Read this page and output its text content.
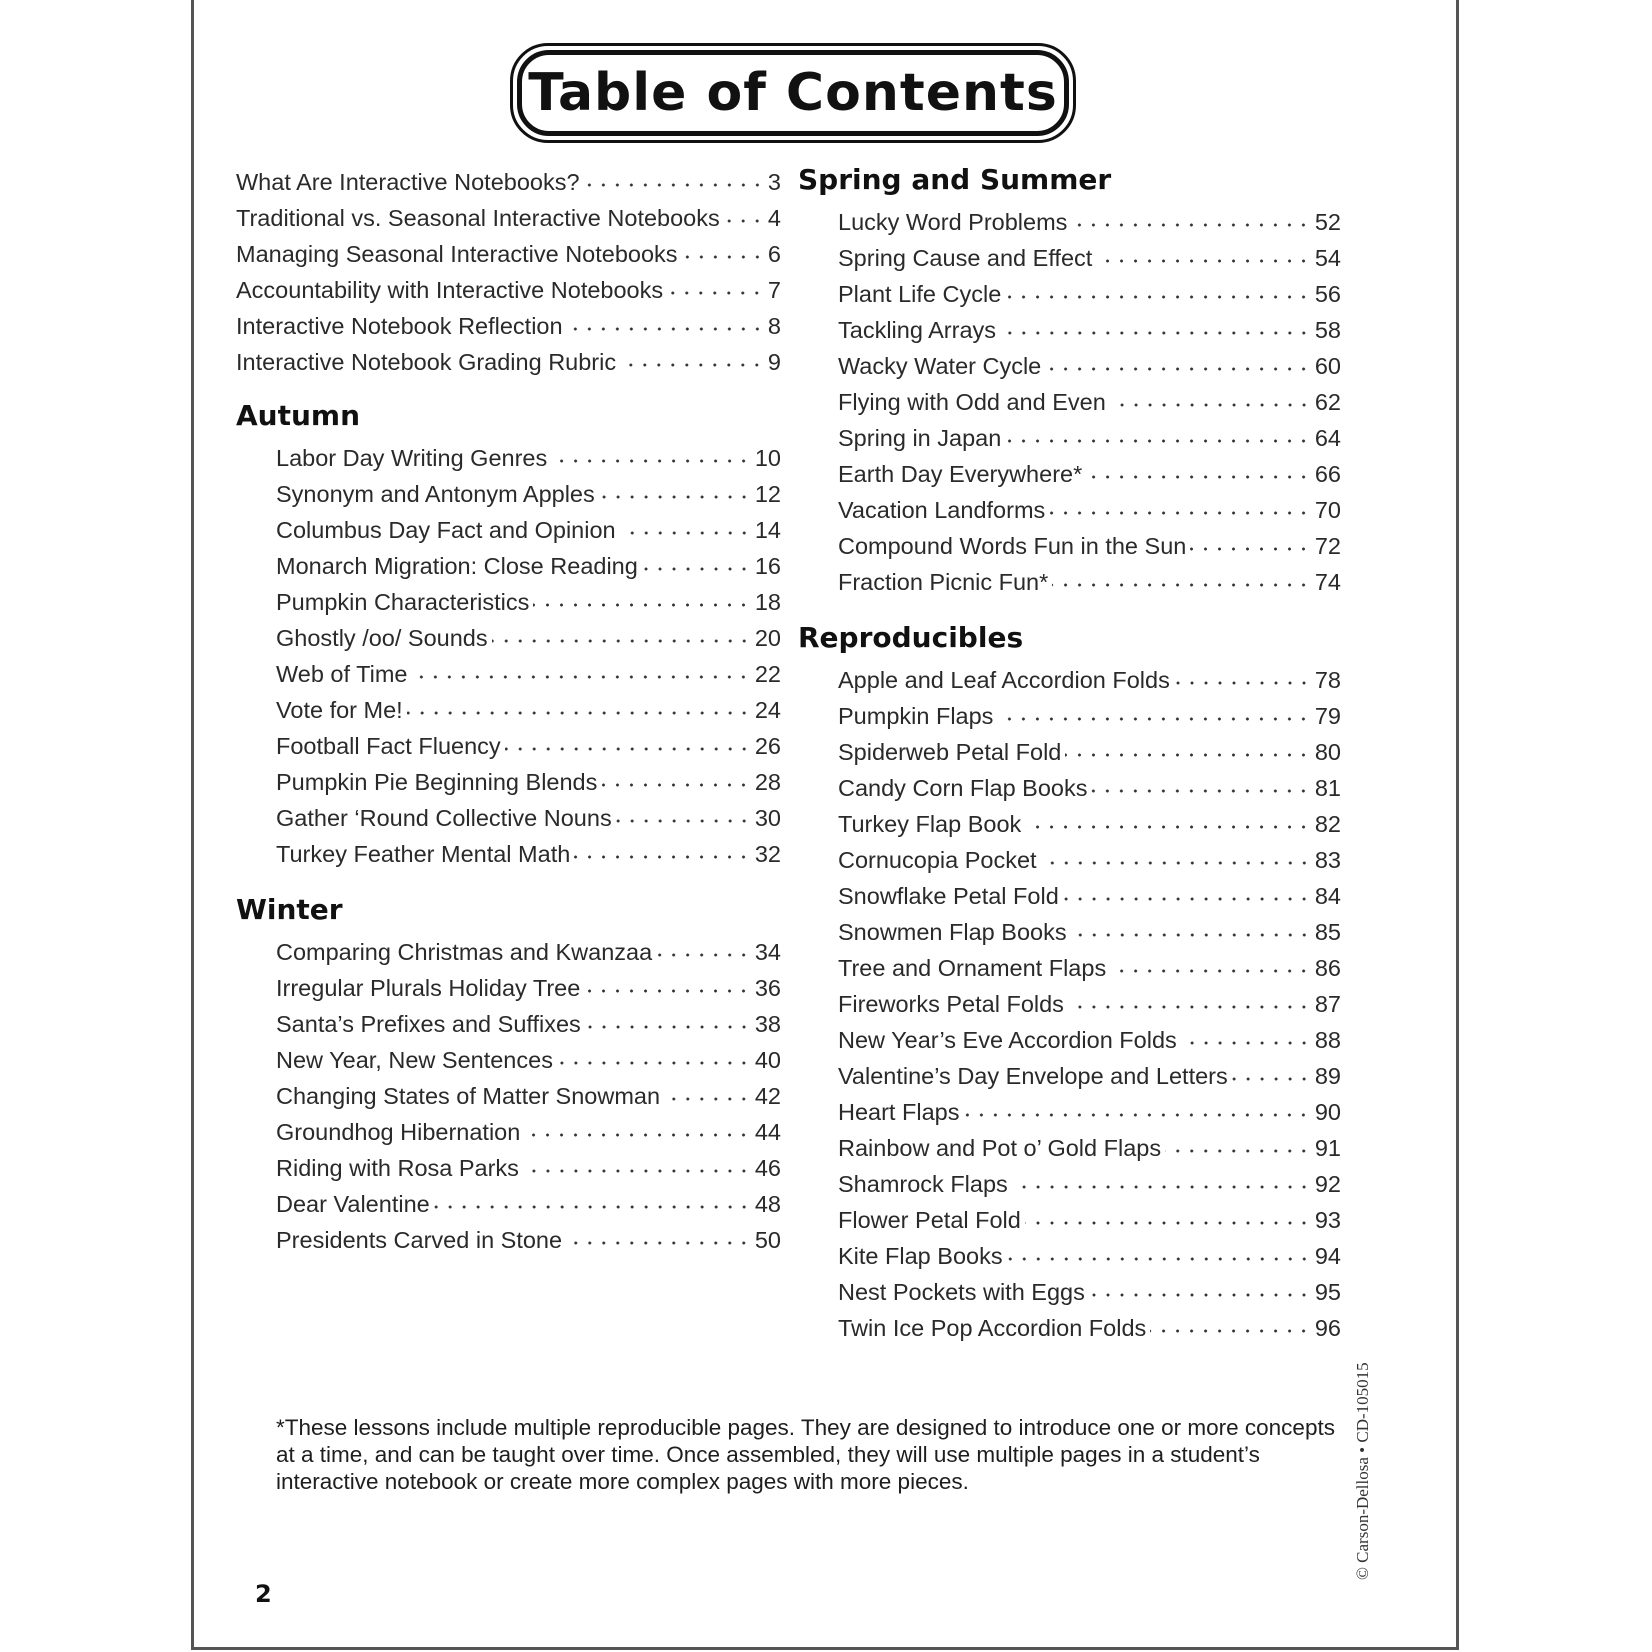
Table of Contents
What Are Interactive Notebooks?	3
Traditional vs. Seasonal Interactive Notebooks 4
Managing Seasonal Interactive Notebooks	6
Accountability with Interactive Notebooks	7
Interactive Notebook Reflection	8
Interactive Notebook Grading Rubric	9
Autumn
Labor Day Writing Genres	10
Synonym and Antonym Apples	12
Columbus Day Fact and Opinion	14
Monarch Migration: Close Reading	16
Pumpkin Characteristics	18
Ghostly /oo/ Sounds	20
Web of Time	22
Vote for Me!	24
Football Fact Fluency	26
Pumpkin Pie Beginning Blends	28
Gather ‘Round Collective Nouns	30
Turkey Feather Mental Math	32
Winter
Comparing Christmas and Kwanzaa	34
Irregular Plurals Holiday Tree	36
Santa’s Prefixes and Suffixes	38
New Year, New Sentences	40
Changing States of Matter Snowman	42
Groundhog Hibernation	44
Riding with Rosa Parks	46
Dear Valentine	48
Presidents Carved in Stone	50
Spring and Summer
Lucky Word Problems	52
Spring Cause and Effect	54
Plant Life Cycle	56
Tackling Arrays	58
Wacky Water Cycle	60
Flying with Odd and Even	62
Spring in Japan	64
Earth Day Everywhere*	66
Vacation Landforms	70
Compound Words Fun in the Sun	72
Fraction Picnic Fun*	74
Reproducibles
Apple and Leaf Accordion Folds	78
Pumpkin Flaps	79
Spiderweb Petal Fold	80
Candy Corn Flap Books	81
Turkey Flap Book	82
Cornucopia Pocket	83
Snowflake Petal Fold	84
Snowmen Flap Books	85
Tree and Ornament Flaps	86
Fireworks Petal Folds	87
New Year’s Eve Accordion Folds	88
Valentine’s Day Envelope and Letters	89
Heart Flaps	90
Rainbow and Pot o’ Gold Flaps	91
Shamrock Flaps	92
Flower Petal Fold	93
Kite Flap Books	94
Nest Pockets with Eggs	95
Twin Ice Pop Accordion Folds	96
*These lessons include multiple reproducible pages. They are designed to introduce one or more concepts at a time, and can be taught over time. Once assembled, they will use multiple pages in a student’s interactive notebook or create more complex pages with more pieces.
2
© Carson-Dellosa • CD-105015
